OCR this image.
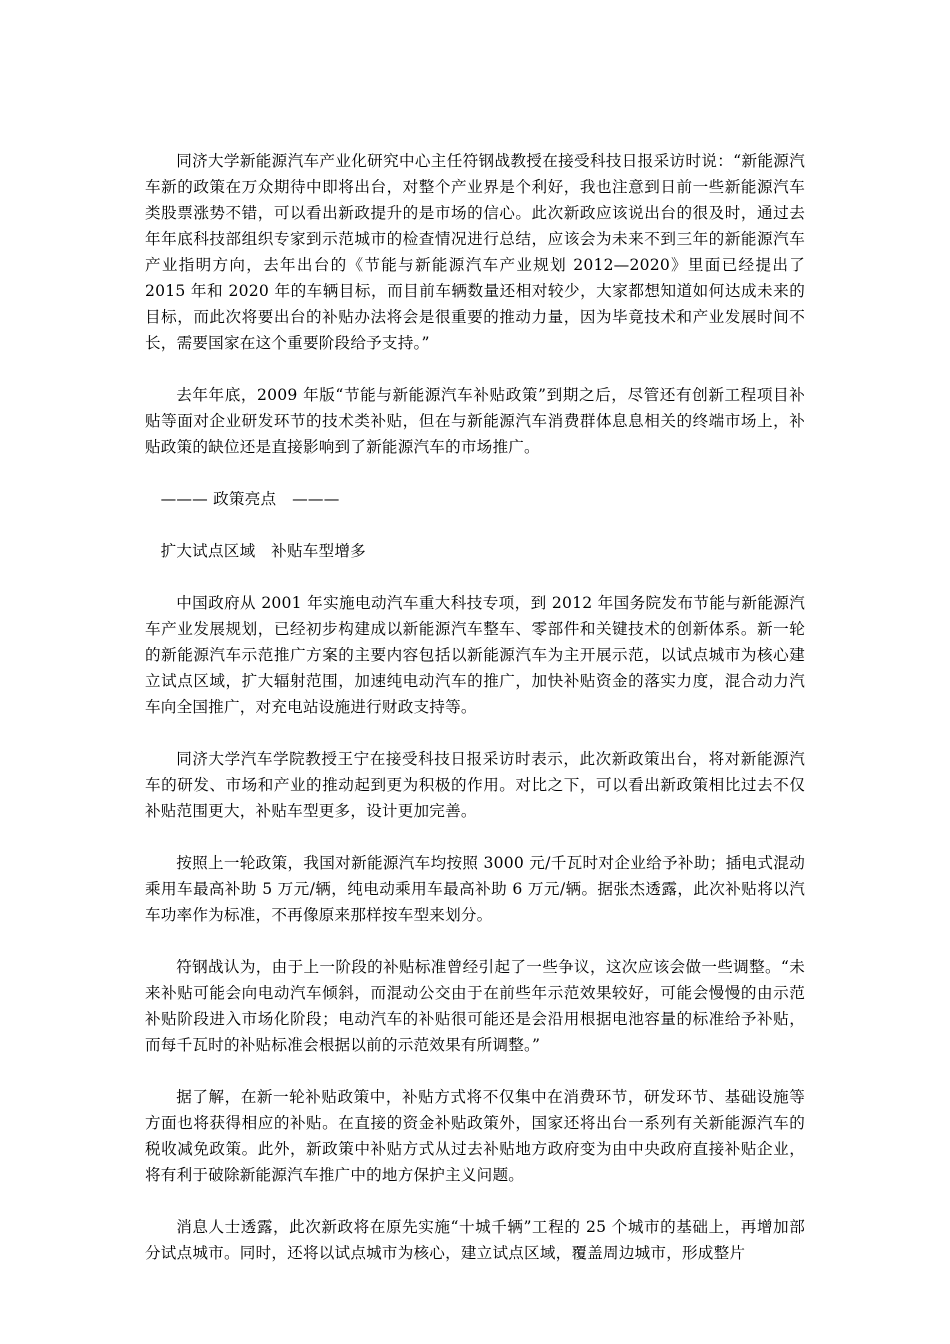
同济大学新能源汽车产业化研究中心主任符钢战教授在接受科技日报采访时说：“新能源汽车新的政策在万众期待中即将出台，对整个产业界是个利好，我也注意到日前一些新能源汽车类股票涨势不错，可以看出新政提升的是市场的信心。此次新政应该说出台的很及时，通过去年年底科技部组织专家到示范城市的检查情况进行总结，应该会为未来不到三年的新能源汽车产业指明方向，去年出台的《节能与新能源汽车产业规划 2012—2020》里面已经提出了 2015 年和 2020 年的车辆目标，而目前车辆数量还相对较少，大家都想知道如何达成未来的目标，而此次将要出台的补贴办法将会是很重要的推动力量，因为毕竟技术和产业发展时间不长，需要国家在这个重要阶段给予支持。”

去年年底，2009 年版“节能与新能源汽车补贴政策”到期之后，尽管还有创新工程项目补贴等面对企业研发环节的技术类补贴，但在与新能源汽车消费群体息息相关的终端市场上，补贴政策的缺位还是直接影响到了新能源汽车的市场推广。

——— 政策亮点　———

扩大试点区域　补贴车型增多

中国政府从 2001 年实施电动汽车重大科技专项，到 2012 年国务院发布节能与新能源汽车产业发展规划，已经初步构建成以新能源汽车整车、零部件和关键技术的创新体系。新一轮的新能源汽车示范推广方案的主要内容包括以新能源汽车为主开展示范，以试点城市为核心建立试点区域，扩大辐射范围，加速纯电动汽车的推广，加快补贴资金的落实力度，混合动力汽车向全国推广，对充电站设施进行财政支持等。

同济大学汽车学院教授王宁在接受科技日报采访时表示，此次新政策出台，将对新能源汽车的研发、市场和产业的推动起到更为积极的作用。对比之下，可以看出新政策相比过去不仅补贴范围更大，补贴车型更多，设计更加完善。

按照上一轮政策，我国对新能源汽车均按照 3000 元/千瓦时对企业给予补助；插电式混动乘用车最高补助 5 万元/辆，纯电动乘用车最高补助 6 万元/辆。据张杰透露，此次补贴将以汽车功率作为标准，不再像原来那样按车型来划分。

符钢战认为，由于上一阶段的补贴标准曾经引起了一些争议，这次应该会做一些调整。“未来补贴可能会向电动汽车倾斜，而混动公交由于在前些年示范效果较好，可能会慢慢的由示范补贴阶段进入市场化阶段；电动汽车的补贴很可能还是会沿用根据电池容量的标准给予补贴，而每千瓦时的补贴标准会根据以前的示范效果有所调整。”

据了解，在新一轮补贴政策中，补贴方式将不仅集中在消费环节，研发环节、基础设施等方面也将获得相应的补贴。在直接的资金补贴政策外，国家还将出台一系列有关新能源汽车的税收减免政策。此外，新政策中补贴方式从过去补贴地方政府变为由中央政府直接补贴企业，将有利于破除新能源汽车推广中的地方保护主义问题。

消息人士透露，此次新政将在原先实施“十城千辆”工程的 25 个城市的基础上，再增加部分试点城市。同时，还将以试点城市为核心，建立试点区域，覆盖周边城市，形成整片
